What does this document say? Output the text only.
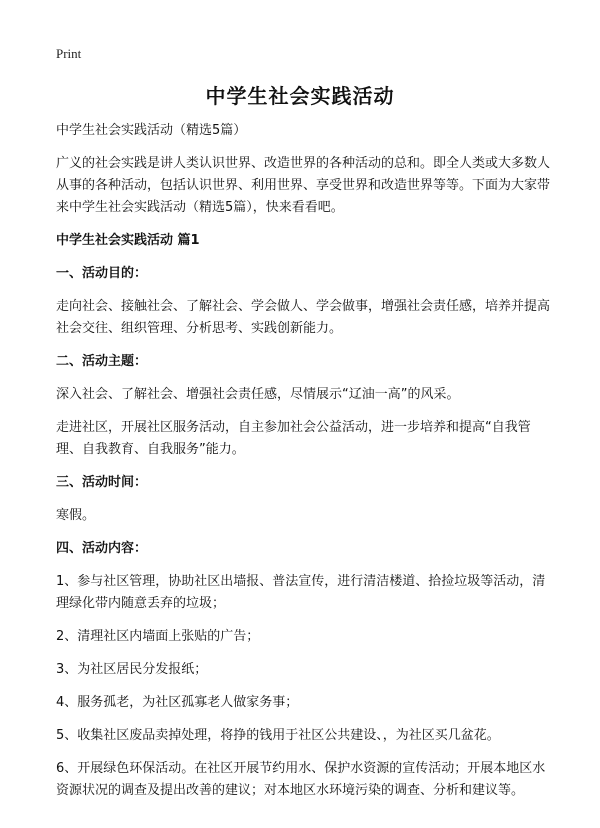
Print
中学生社会实践活动

中学生社会实践活动（精选5篇）

广义的社会实践是讲人类认识世界、改造世界的各种活动的总和。即全人类或大多数人从事的各种活动，包括认识世界、利用世界、享受世界和改造世界等等。下面为大家带来中学生社会实践活动（精选5篇），快来看看吧。

中学生社会实践活动 篇1

一、活动目的：

走向社会、接触社会、了解社会、学会做人、学会做事，增强社会责任感，培养并提高社会交往、组织管理、分析思考、实践创新能力。

二、活动主题：

深入社会、了解社会、增强社会责任感，尽情展示“辽油一高”的风采。

走进社区，开展社区服务活动，自主参加社会公益活动，进一步培养和提高“自我管理、自我教育、自我服务”能力。

三、活动时间：

寒假。

四、活动内容：

1、参与社区管理，协助社区出墙报、普法宣传，进行清洁楼道、拾捡垃圾等活动，清理绿化带内随意丢弃的垃圾；

2、清理社区内墙面上张贴的广告；

3、为社区居民分发报纸；

4、服务孤老，为社区孤寡老人做家务事；

5、收集社区废品卖掉处理，将挣的钱用于社区公共建设、，为社区买几盆花。

6、开展绿色环保活动。在社区开展节约用水、保护水资源的宣传活动；开展本地区水资源状况的调查及提出改善的建议；对本地区水环境污染的调查、分析和建议等。
